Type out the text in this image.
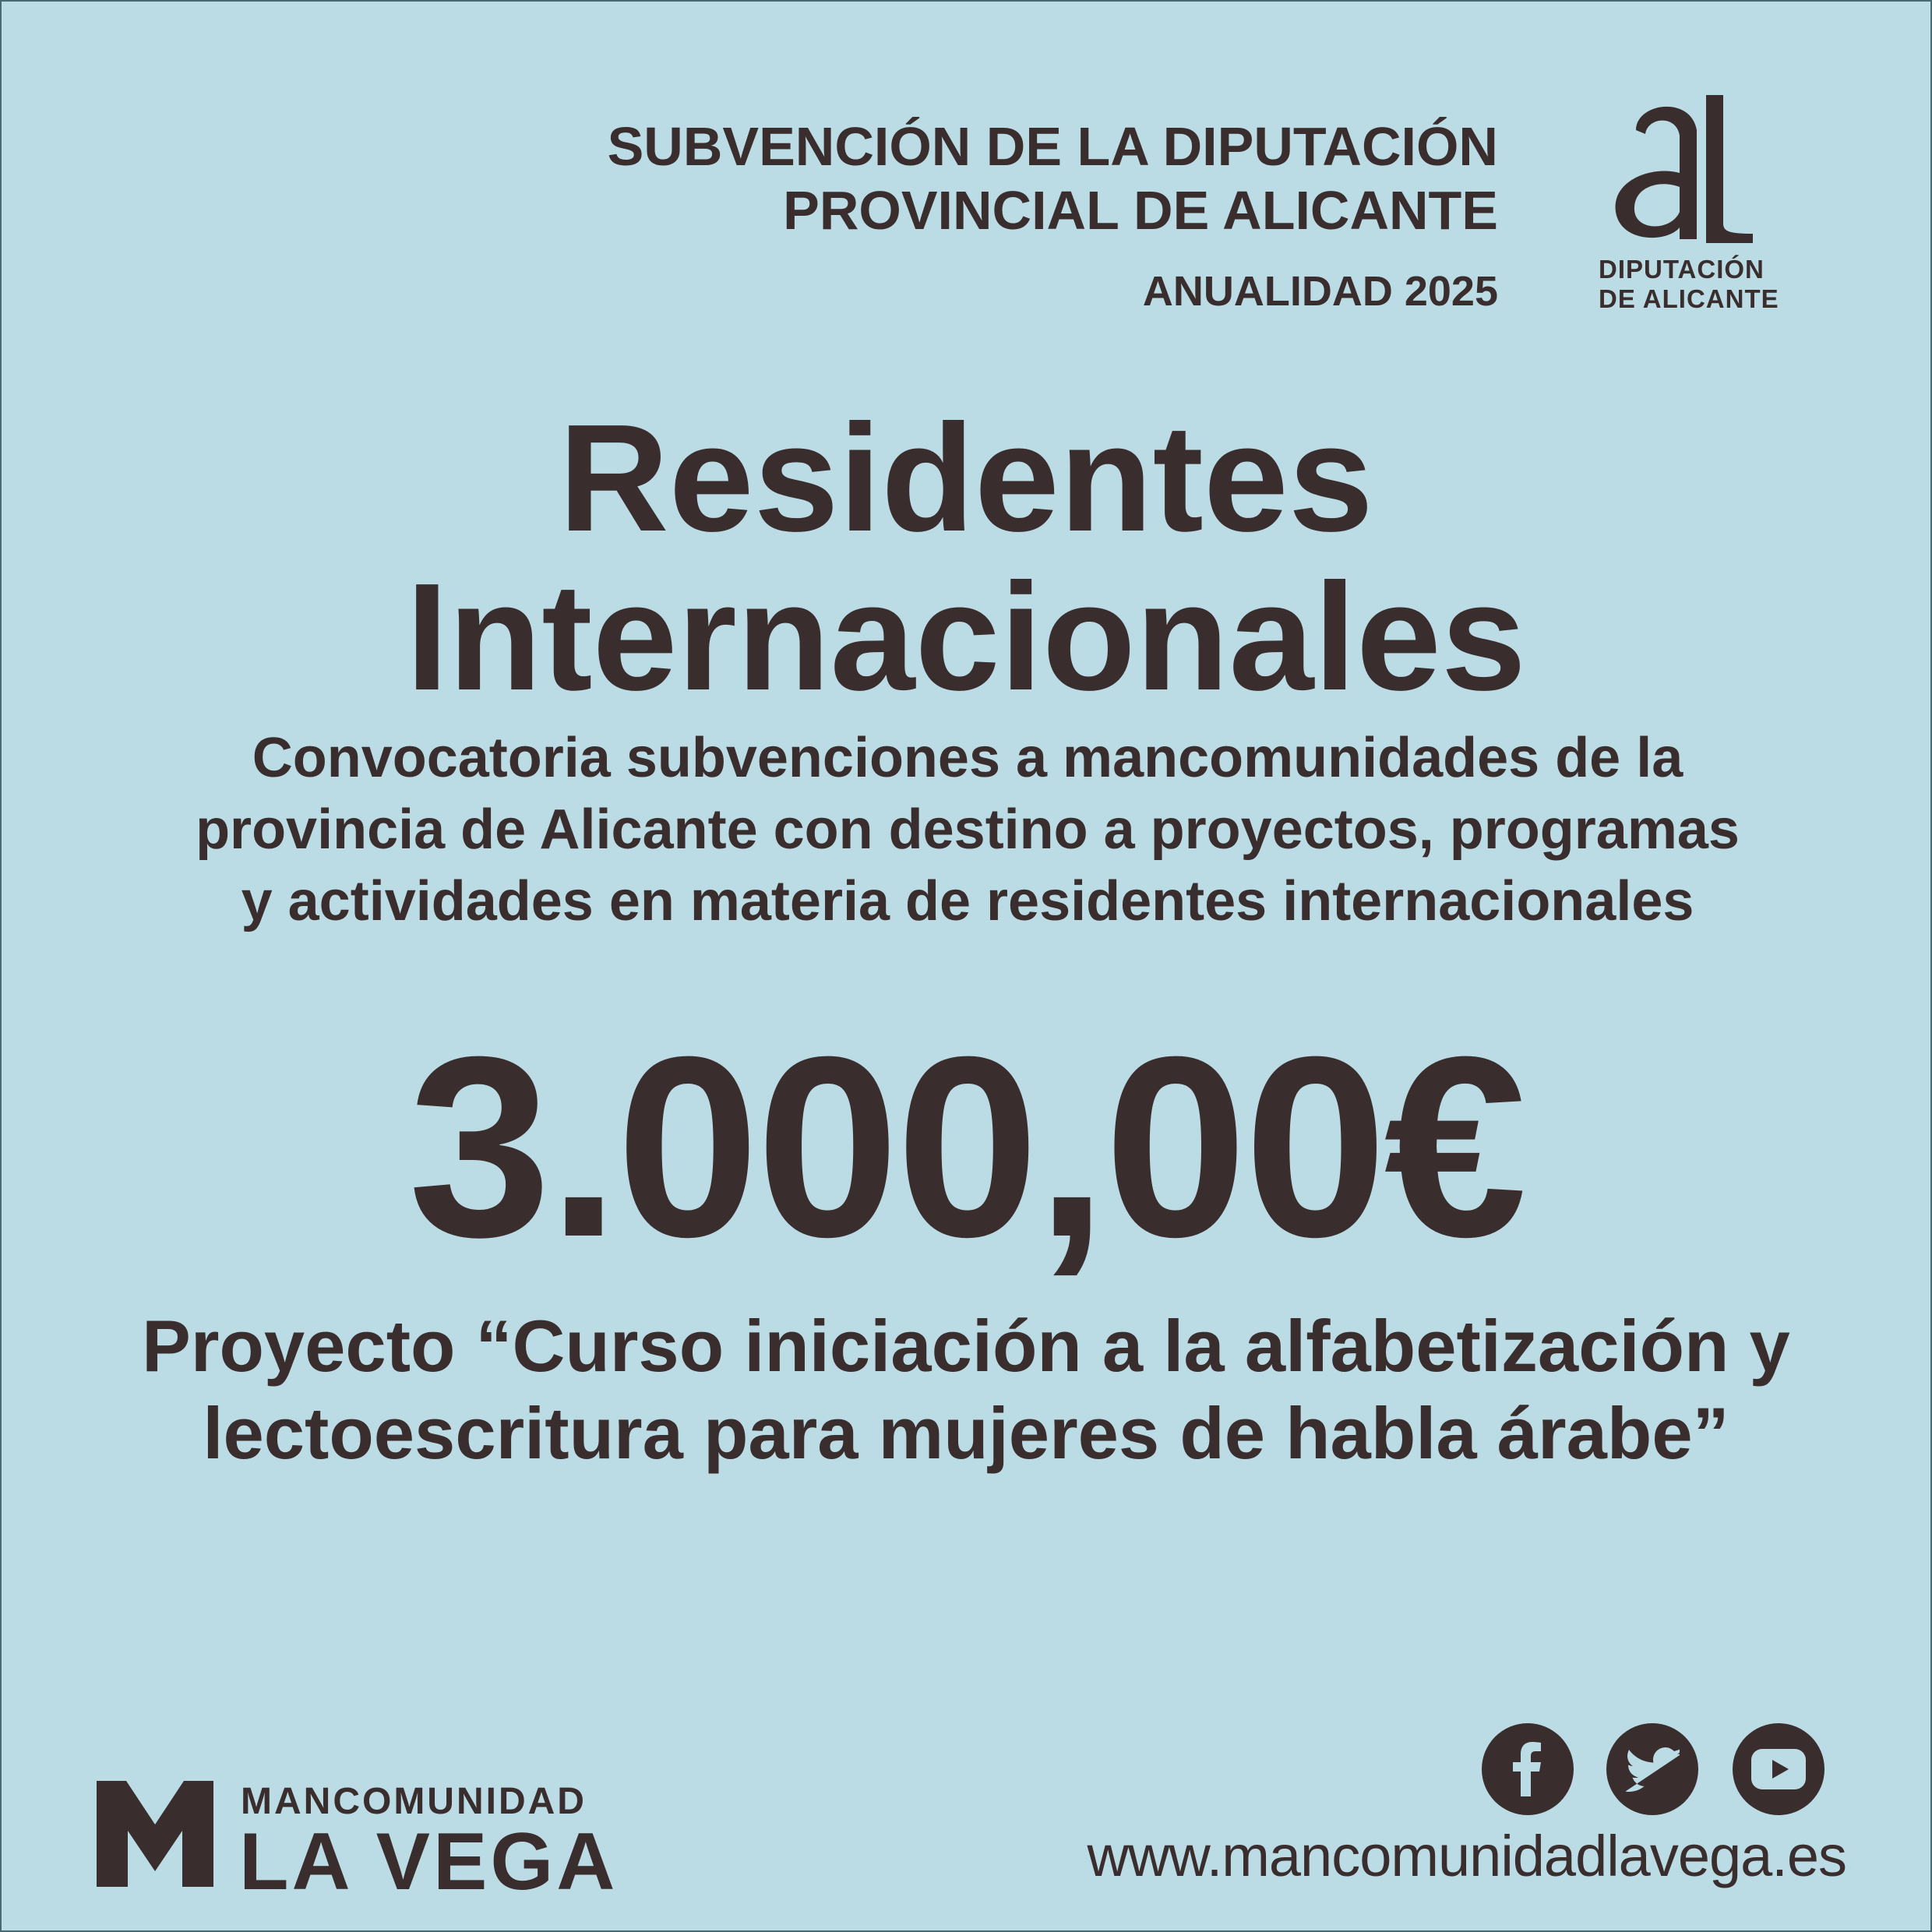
SUBVENCIÓN DE LA DIPUTACIÓN
PROVINCIAL DE ALICANTE
ANUALIDAD 2025	DIPUTACIÓN
DE ALICANTE
Residentes
Internacionales
Convocatoria subvenciones a mancomunidades de la
provincia de Alicante con destino a proyectos, programas
y actividades en materia de residentes internacionales
3.000,00€
Proyecto “Curso iniciación a la alfabetización y
lectoescritura para mujeres de habla árabe”
MANCOMUNIDAD
LA VEGA	www.mancomunidadlavega.es
